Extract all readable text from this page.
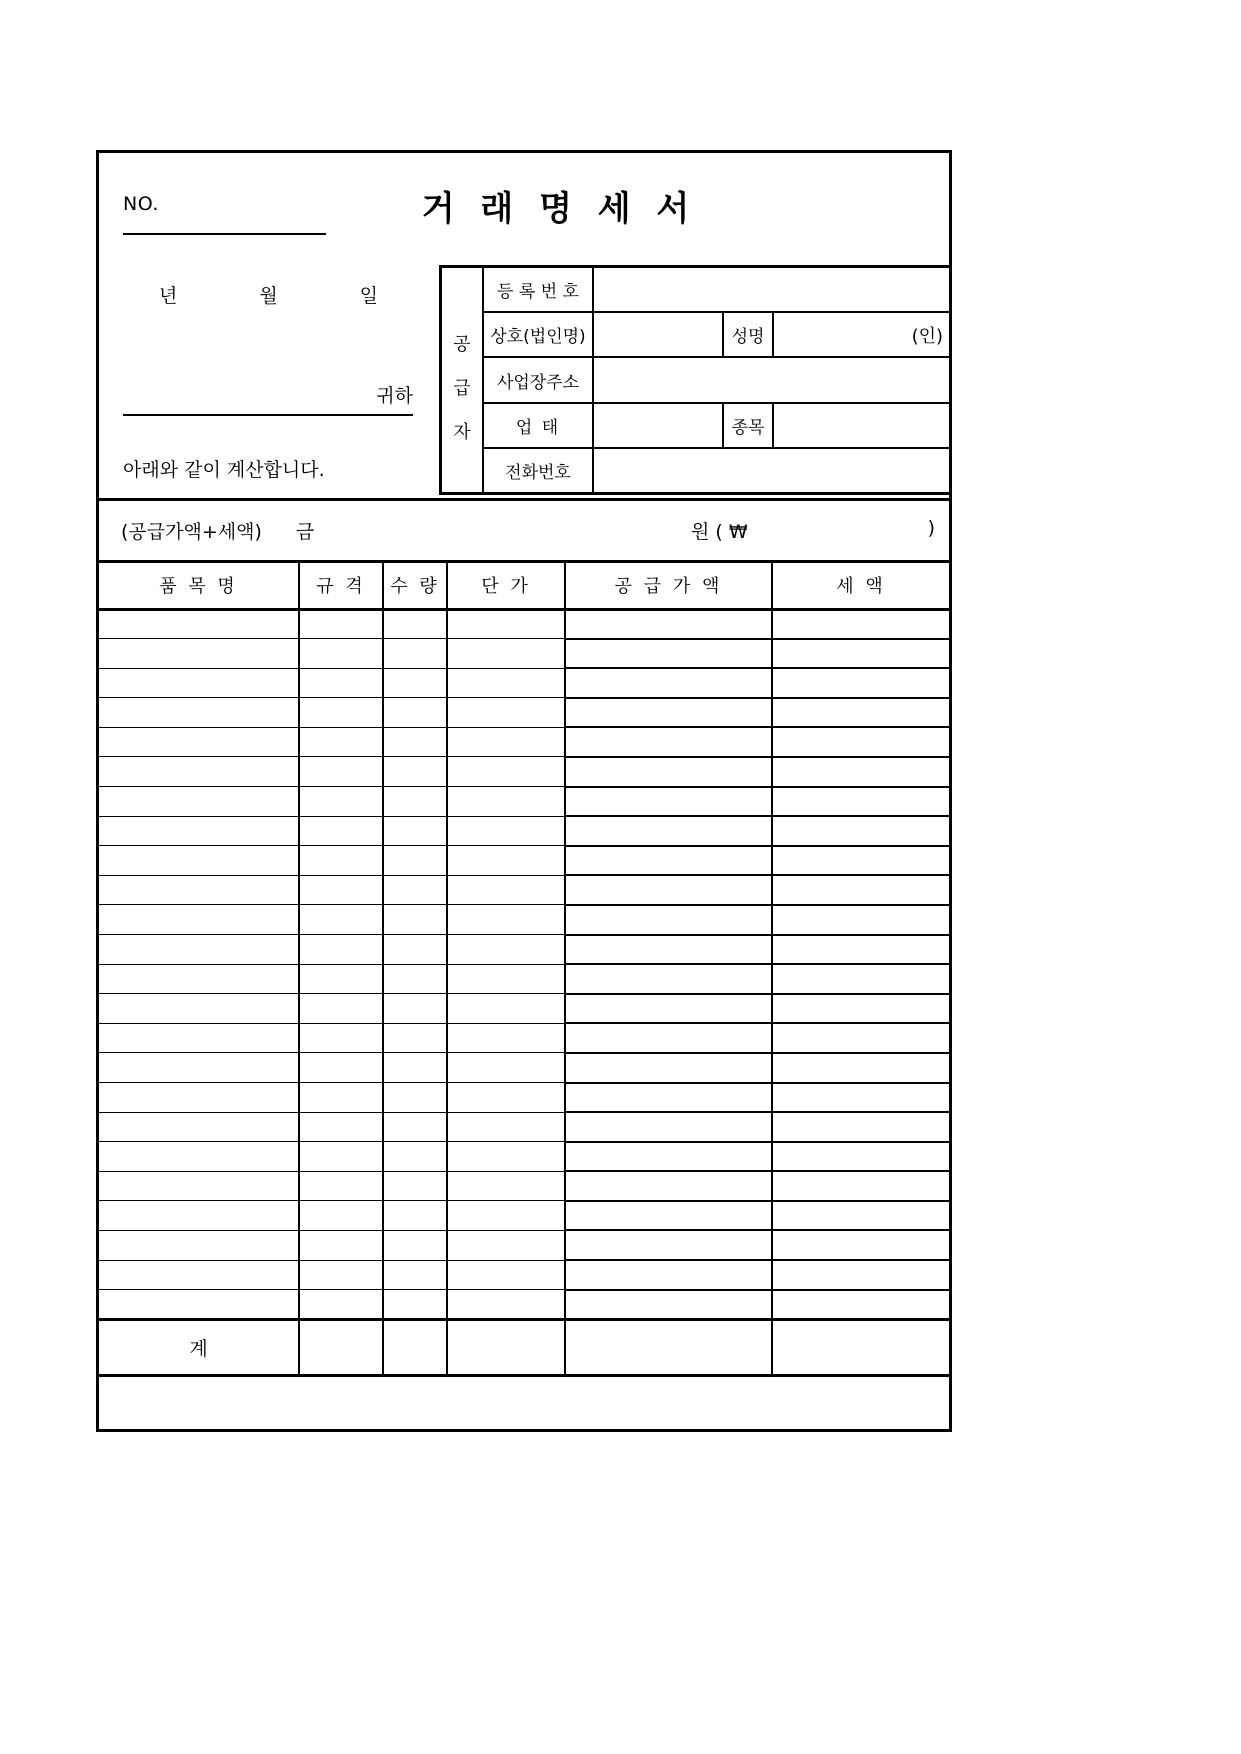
NO.	거 래 명 세 서
년	월	일
귀하
아래와 같이 계산합니다.
공
급
자
등 록 번 호
상호(법인명)	성명	(인)
사업장주소
업 태	종목
전화번호
(공급가액+세액) 금	원 ( ₩	)
품 목 명	규 격	수 량	단 가	공 급 가 액	세 액

계					
